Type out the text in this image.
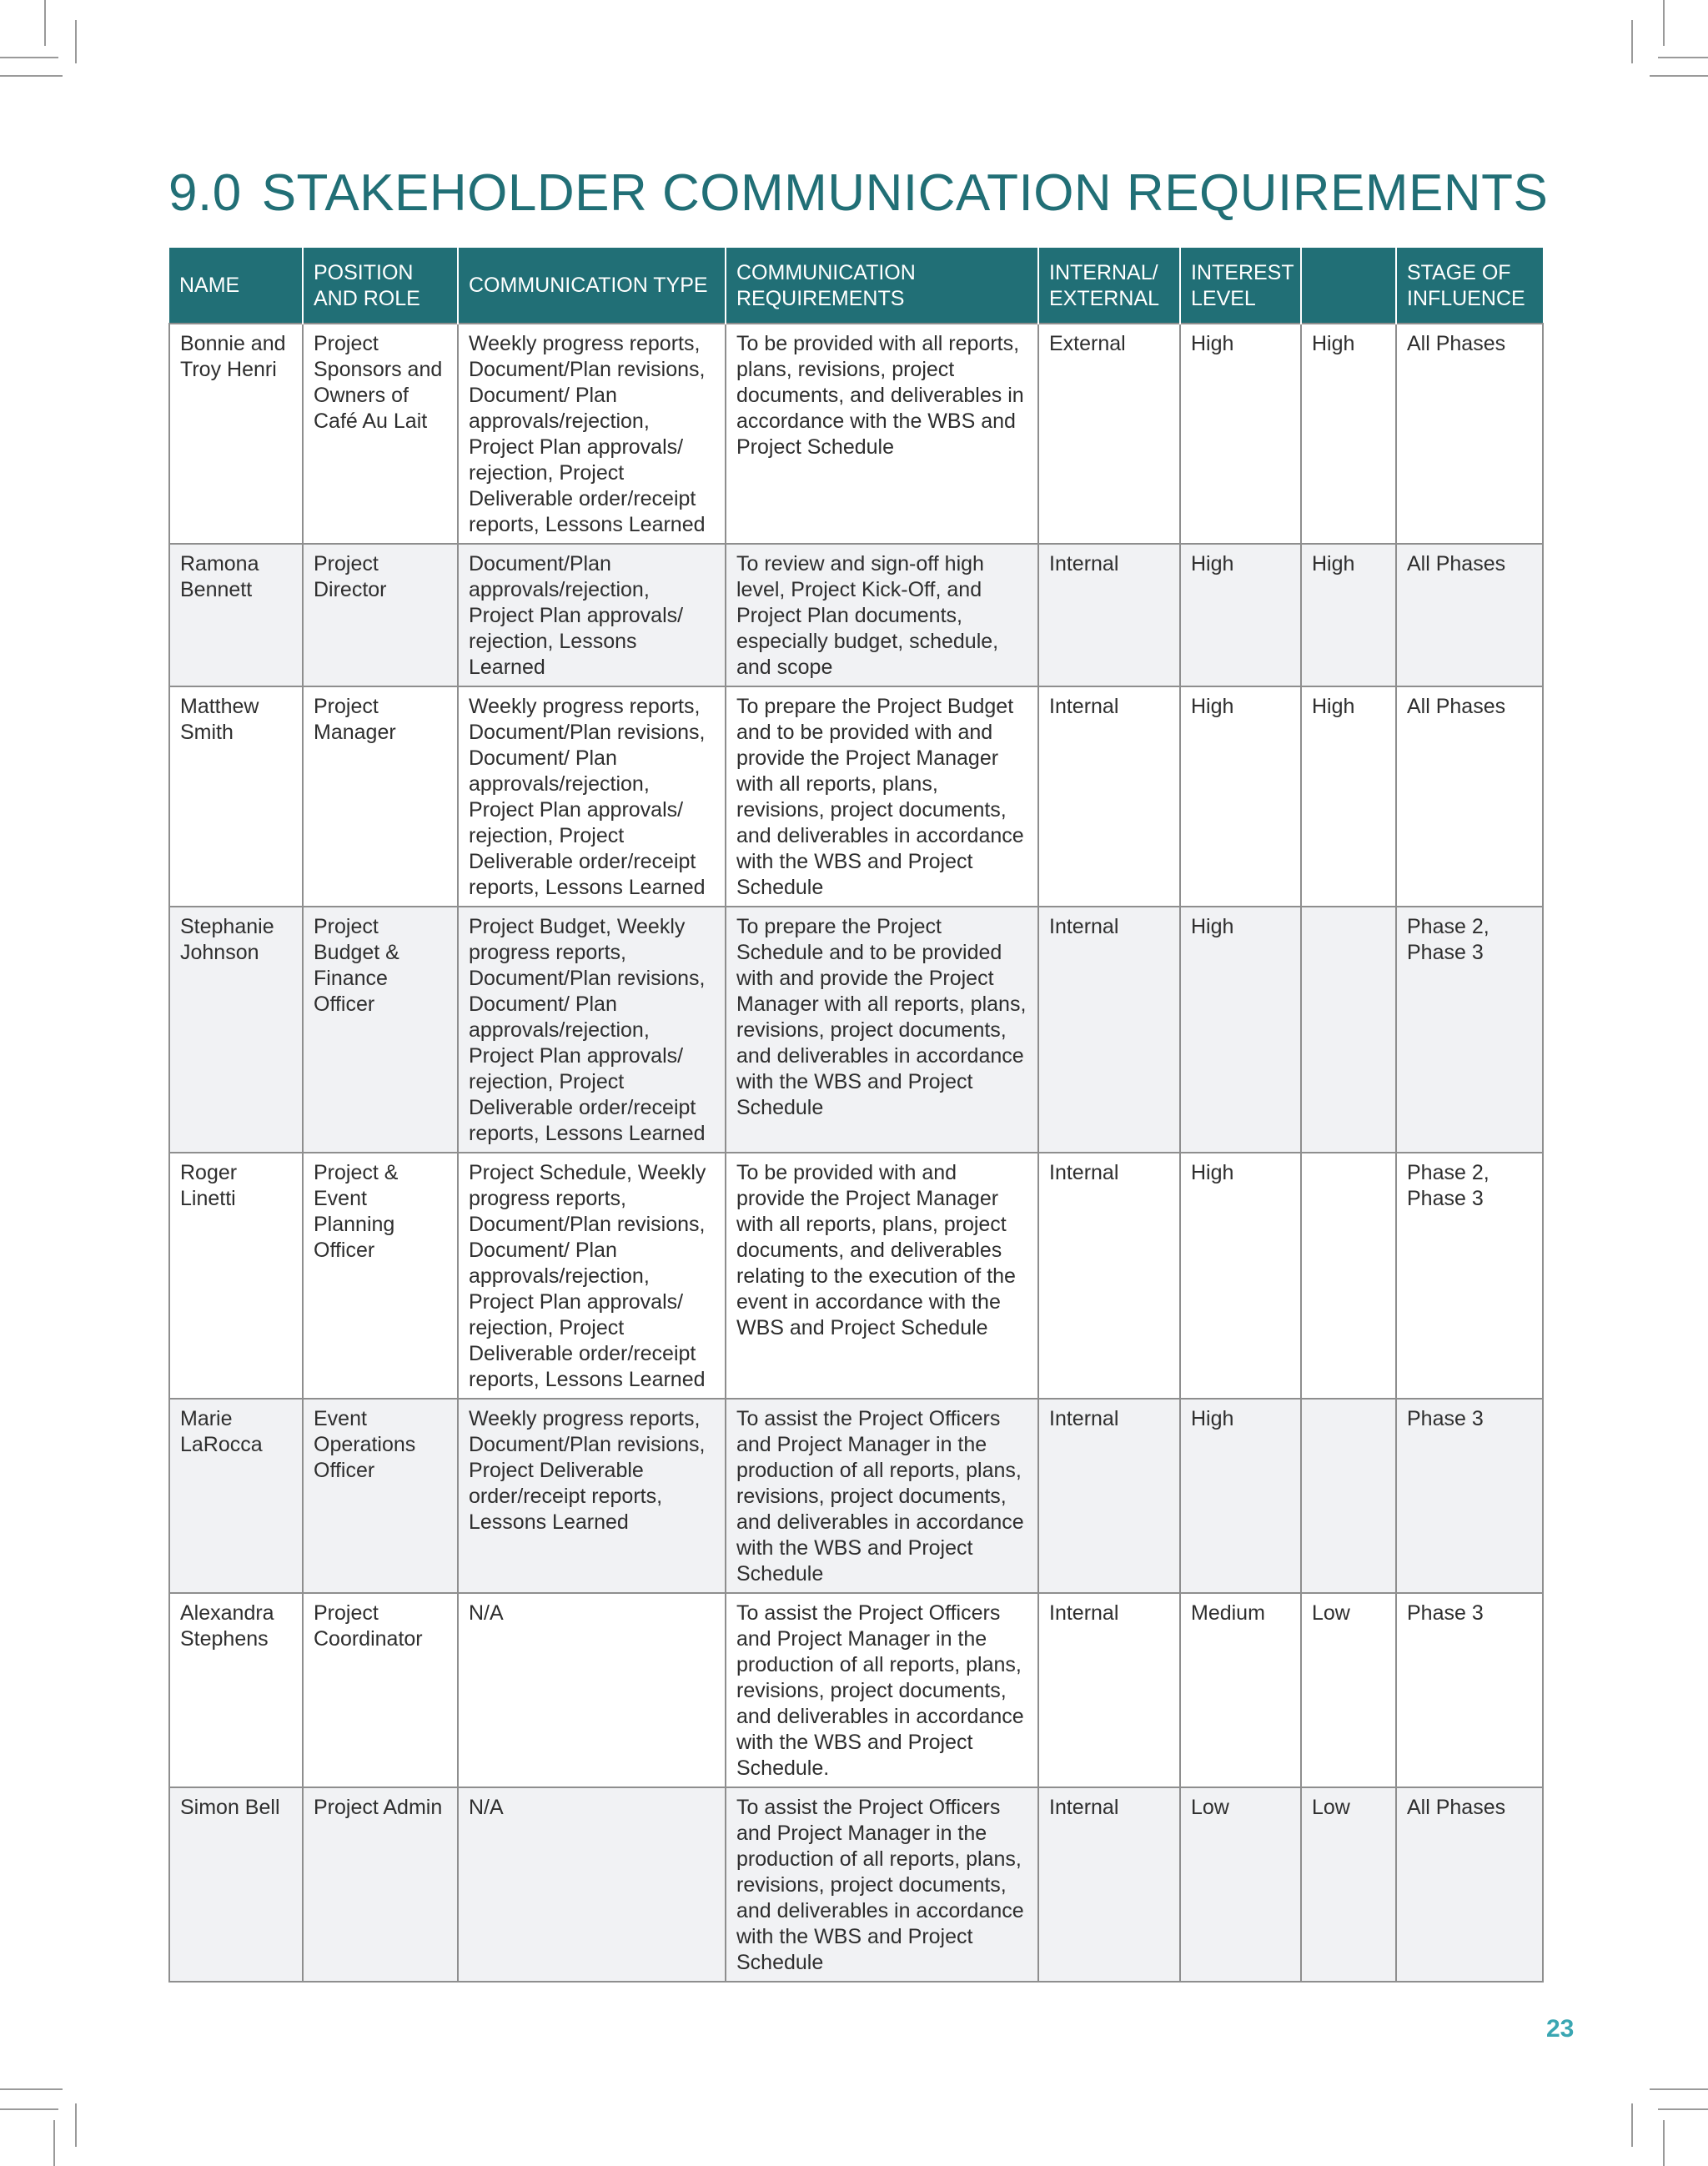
9.0 STAKEHOLDER COMMUNICATION REQUIREMENTS
NAME	POSITION AND ROLE	COMMUNICATION TYPE	COMMUNICATION REQUIREMENTS	INTERNAL/ EXTERNAL	INTEREST LEVEL		STAGE OF INFLUENCE
Bonnie and Troy Henri	Project Sponsors and Owners of Café Au Lait	Weekly progress reports, Document/Plan revisions, Document/ Plan approvals/rejection, Project Plan approvals/ rejection, Project Deliverable order/receipt reports, Lessons Learned	To be provided with all reports, plans, revisions, project documents, and deliverables in accordance with the WBS and Project Schedule	External	High	High	All Phases
Ramona Bennett	Project Director	Document/Plan approvals/rejection, Project Plan approvals/ rejection, Lessons Learned	To review and sign-off high level, Project Kick-Off, and Project Plan documents, especially budget, schedule, and scope	Internal	High	High	All Phases
Matthew Smith	Project Manager	Weekly progress reports, Document/Plan revisions, Document/ Plan approvals/rejection, Project Plan approvals/ rejection, Project Deliverable order/receipt reports, Lessons Learned	To prepare the Project Budget and to be provided with and provide the Project Manager with all reports, plans, revisions, project documents, and deliverables in accordance with the WBS and Project Schedule	Internal	High	High	All Phases
Stephanie Johnson	Project Budget & Finance Officer	Project Budget, Weekly progress reports, Document/Plan revisions, Document/ Plan approvals/rejection, Project Plan approvals/ rejection, Project Deliverable order/receipt reports, Lessons Learned	To prepare the Project Schedule and to be provided with and provide the Project Manager with all reports, plans, revisions, project documents, and deliverables in accordance with the WBS and Project Schedule	Internal	High		Phase 2, Phase 3
Roger Linetti	Project & Event Planning Officer	Project Schedule, Weekly progress reports, Document/Plan revisions, Document/ Plan approvals/rejection, Project Plan approvals/ rejection, Project Deliverable order/receipt reports, Lessons Learned	To be provided with and provide the Project Manager with all reports, plans, project documents, and deliverables relating to the execution of the event in accordance with the WBS and Project Schedule	Internal	High		Phase 2, Phase 3
Marie LaRocca	Event Operations Officer	Weekly progress reports, Document/Plan revisions, Project Deliverable order/receipt reports, Lessons Learned	To assist the Project Officers and Project Manager in the production of all reports, plans, revisions, project documents, and deliverables in accordance with the WBS and Project Schedule	Internal	High		Phase 3
Alexandra Stephens	Project Coordinator	N/A	To assist the Project Officers and Project Manager in the production of all reports, plans, revisions, project documents, and deliverables in accordance with the WBS and Project Schedule.	Internal	Medium	Low	Phase 3
Simon Bell	Project Admin	N/A	To assist the Project Officers and Project Manager in the production of all reports, plans, revisions, project documents, and deliverables in accordance with the WBS and Project Schedule	Internal	Low	Low	All Phases
23
